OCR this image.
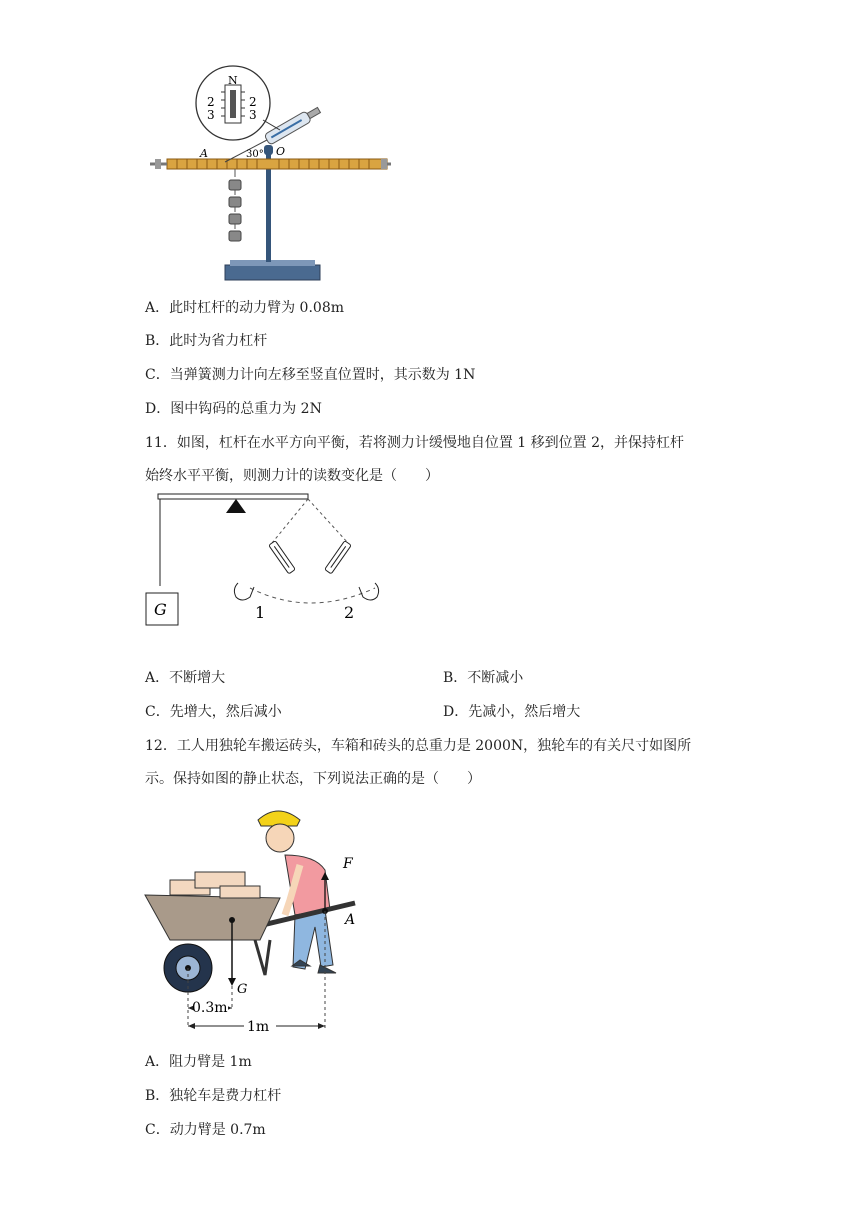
N
2
3
2
3
A	30° O
A．此时杠杆的动力臂为 0.08m
B．此时为省力杠杆
C．当弹簧测力计向左移至竖直位置时，其示数为 1N
D．图中钩码的总重力为 2N
11．如图，杠杆在水平方向平衡，若将测力计缓慢地自位置 1 移到位置 2，并保持杠杆
始终水平平衡，则测力计的读数变化是（　　）
G	1	2
A．不断增大	B．不断减小
C．先增大，然后减小	D．先减小，然后增大
12．工人用独轮车搬运砖头，车箱和砖头的总重力是 2000N，独轮车的有关尺寸如图所
示。保持如图的静止状态，下列说法正确的是（　　）
F
A
G
0.3m
1m
A．阻力臂是 1m
B．独轮车是费力杠杆
C．动力臂是 0.7m
